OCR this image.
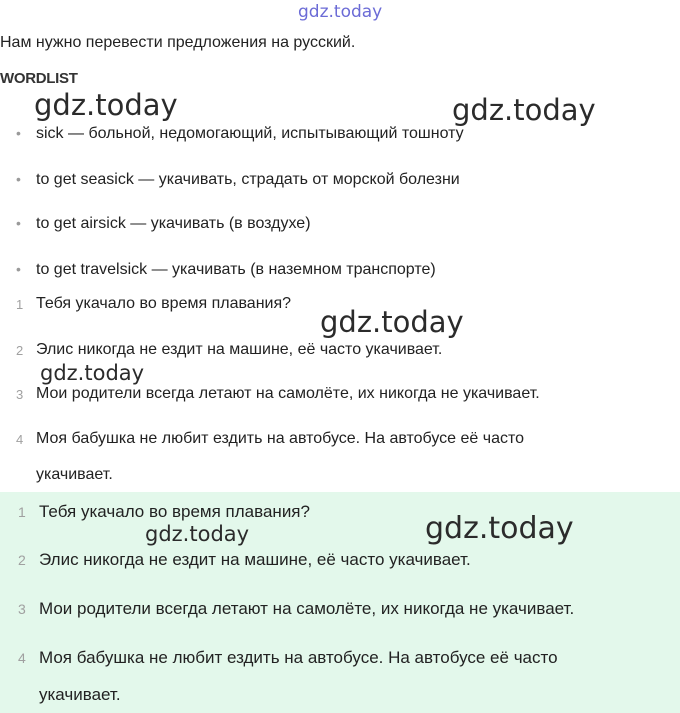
gdz.today
Нам нужно перевести предложения на русский.
WORDLIST
gdz.today	gdz.today
• sick — больной, недомогающий, испытывающий тошноту
• to get seasick — укачивать, страдать от морской болезни
• to get airsick — укачивать (в воздухе)
• to get travelsick — укачивать (в наземном транспорте)
1 Тебя укачало во время плавания?
gdz.today
2 Элис никогда не ездит на машине, её часто укачивает.
gdz.today
3 Мои родители всегда летают на самолёте, их никогда не укачивает.
4 Моя бабушка не любит ездить на автобусе. На автобусе её часто
укачивает.
1 Тебя укачало во время плавания?
gdz.today	gdz.today
2 Элис никогда не ездит на машине, её часто укачивает.
3 Мои родители всегда летают на самолёте, их никогда не укачивает.
4 Моя бабушка не любит ездить на автобусе. На автобусе её часто
укачивает.
